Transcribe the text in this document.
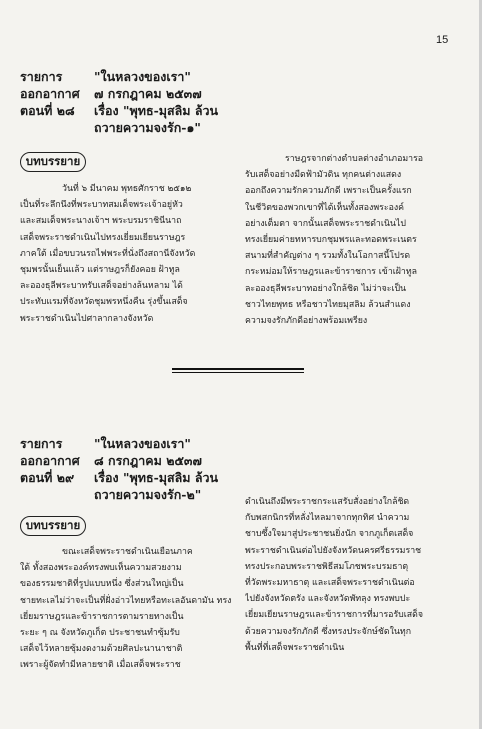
15
รายการ	"ในหลวงของเรา"
ออกอากาศ	๗ กรกฎาคม ๒๕๓๗
ตอนที่ ๒๘	เรื่อง "พุทธ-มุสลิม ล้วน
ถวายความจงรัก-๑"
บทบรรยาย
วันที่ ๖ มีนาคม พุทธศักราช ๒๕๑๒
เป็นที่ระลึกนึงที่พระบาทสมเด็จพระเจ้าอยู่หัว
และสมเด็จพระนางเจ้าฯ พระบรมราชินีนาถ
เสด็จพระราชดำเนินไปทรงเยี่ยมเยียนราษฎร
ภาคใต้ เมื่อขบวนรถไฟพระที่นั่งถึงสถานีจังหวัด
ชุมพรนั้นเย็นแล้ว แต่ราษฎรก็ยังคอย ฝ้าทูล
ละอองธุลีพระบาทรับเสด็จอย่างล้นหลาม ได้
ประทับแรมที่จังหวัดชุมพรหนึ่งคืน รุ่งขึ้นเสด็จ
พระราชดำเนินไปศาลากลางจังหวัด
ราษฎรจากต่างตำบลต่างอำเภอมารอ
รับเสด็จอย่างมืดฟ้ามัวดิน ทุกคนต่างแสดง
ออกถึงความรักความภักดี เพราะเป็นครั้งแรก
ในชีวิตของพวกเขาที่ได้เห็นทั้งสองพระองค์
อย่างเต็มตา จากนั้นเสด็จพระราชดำเนินไป
ทรงเยี่ยมค่ายทหารบกชุมพรและทอดพระเนตร
สนามที่สำคัญต่าง ๆ รวมทั้งในโอกาสนี้โปรด
กระหม่อมให้ราษฎรและข้าราชการ เข้าเฝ้าทูล
ละอองธุลีพระบาทอย่างใกล้ชิด ไม่ว่าจะเป็น
ชาวไทยพุทธ หรือชาวไทยมุสลิม ล้วนสำแดง
ความจงรักภักดีอย่างพร้อมเพรียง
รายการ	"ในหลวงของเรา"
ออกอากาศ	๘ กรกฎาคม ๒๕๓๗
ตอนที่ ๒๙	เรื่อง "พุทธ-มุสลิม ล้วน
ถวายความจงรัก-๒"
บทบรรยาย
ขณะเสด็จพระราชดำเนินเยือนภาค
ใต้ ทั้งสองพระองค์ทรงพบเห็นความสวยงาม
ของธรรมชาติที่รูปแบบหนึ่ง ซึ่งส่วนใหญ่เป็น
ชายทะเลไม่ว่าจะเป็นที่ฝั่งอ่าวไทยหรือทะเลอันดามัน ทรง
เยี่ยมราษฎรและข้าราชการตามรายทางเป็น
ระยะ ๆ ณ จังหวัดภูเก็ต ประชาชนทำซุ้มรับ
เสด็จไว้หลายซุ้มงดงามด้วยศิลปะนานาชาติ
เพราะผู้จัดทำมีหลายชาติ เมื่อเสด็จพระราช
ดำเนินถึงมีพระราชกระแสรับสั่งอย่างใกล้ชิด
กับพสกนิกรที่หลั่งไหลมาจากทุกทิศ นำความ
ชาบซึ้งใจมาสู่ประชาชนยิ่งนัก จากภูเก็ตเสด็จ
พระราชดำเนินต่อไปยังจังหวัดนครศรีธรรมราช
ทรงประกอบพระราชพิธีสมโภชพระบรมธาตุ
ที่วัดพระมหาธาตุ และเสด็จพระราชดำเนินต่อ
ไปยังจังหวัดตรัง และจังหวัดพัทลุง ทรงพบปะ
เยี่ยมเยียนราษฎรและข้าราชการที่มารอรับเสด็จ
ด้วยความจงรักภักดี ซึ่งทรงประจักษ์ชัดในทุก
พื้นที่ที่เสด็จพระราชดำเนิน
